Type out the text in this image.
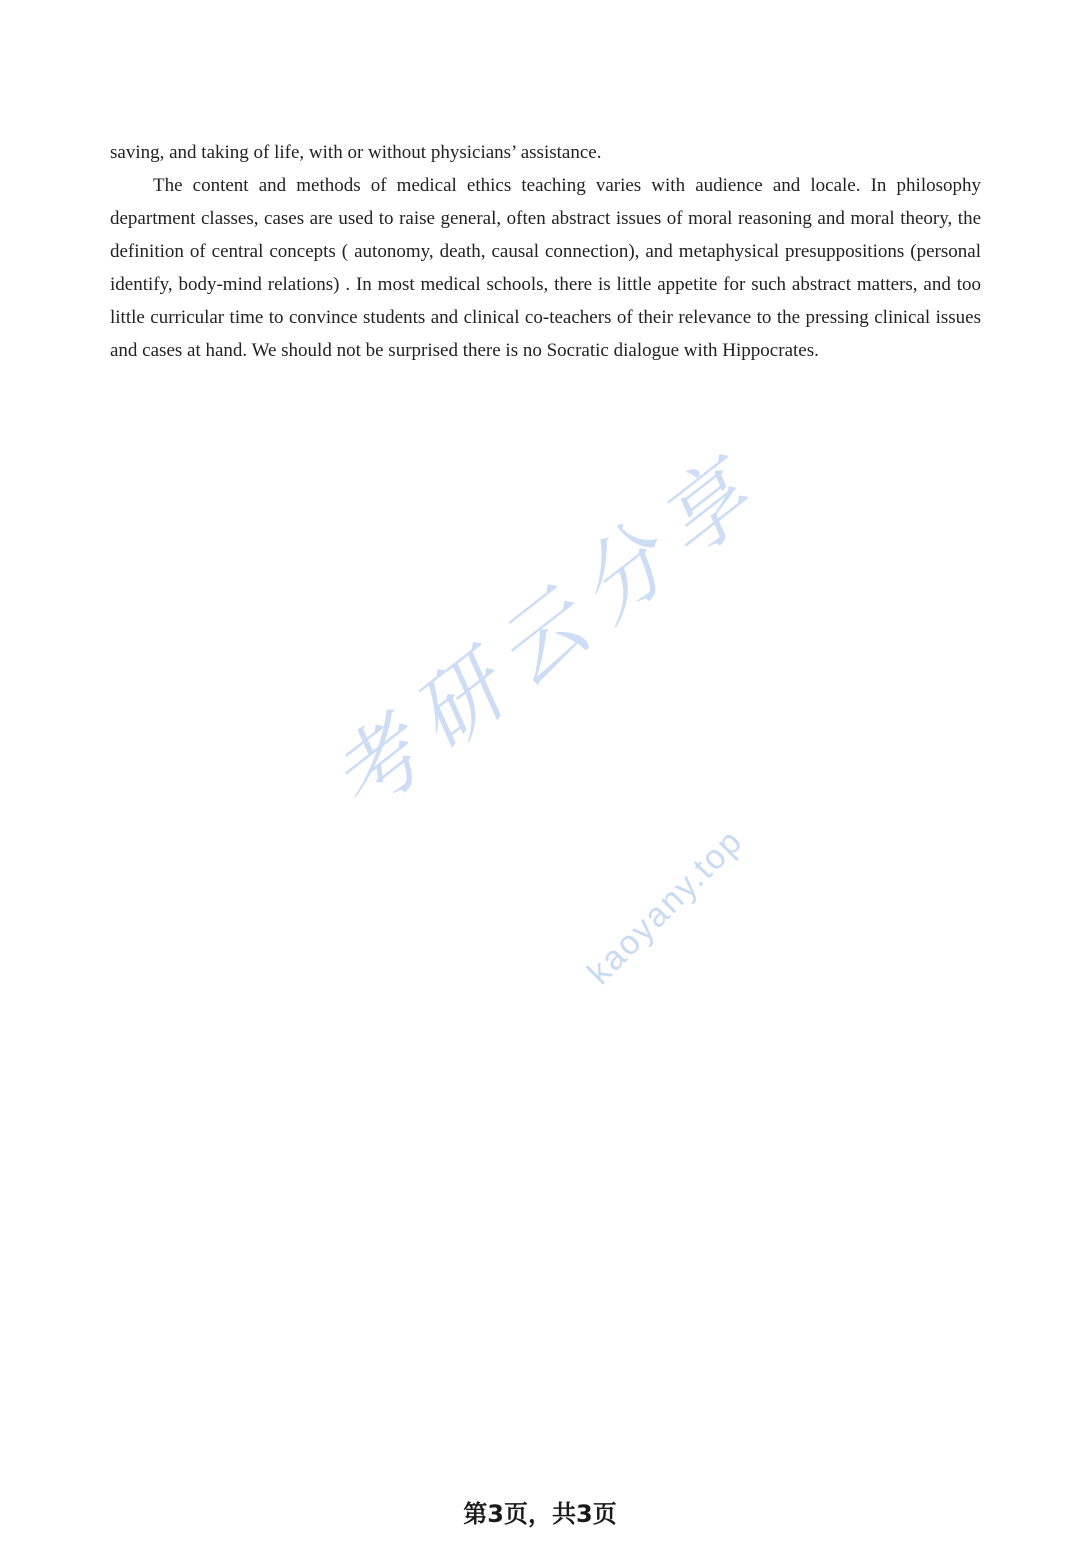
saving, and taking of life, with or without physicians’ assistance.

The content and methods of medical ethics teaching varies with audience and locale. In philosophy department classes, cases are used to raise general, often abstract issues of moral reasoning and moral theory, the definition of central concepts ( autonomy, death, causal connection), and metaphysical presuppositions (personal identify, body-mind relations) . In most medical schools, there is little appetite for such abstract matters, and too little curricular time to convince students and clinical co-teachers of their relevance to the pressing clinical issues and cases at hand. We should not be surprised there is no Socratic dialogue with Hippocrates.

考研云分享
kaoyany.top
第3页，共3页
